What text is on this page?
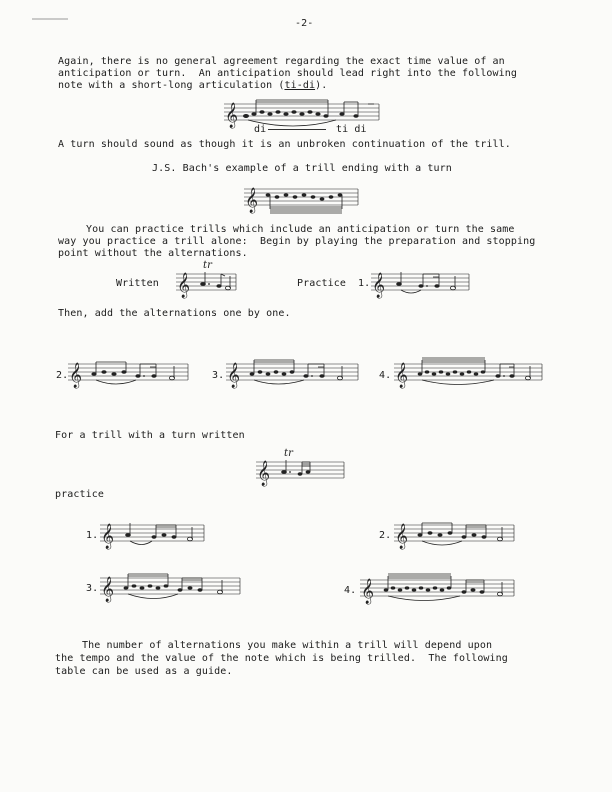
-2-
Again, there is no general agreement regarding the exact time value of an
anticipation or turn.  An anticipation should lead right into the following
note with a short-long articulation (ti-di).
𝄞
di	ti di
A turn should sound as though it is an unbroken continuation of the trill.
J.S. Bach's example of a trill ending with a turn
𝄞
You can practice trills which include an anticipation or turn the same
way you practice a trill alone:  Begin by playing the preparation and stopping
point without the alternations.
Written
tr
𝄞	Practice 1. 𝄞
Then, add the alternations one by one.
2. 𝄞	3. 𝄞	4. 𝄞
For a trill with a turn written
tr
𝄞
practice
1. 𝄞	2. 𝄞
3. 𝄞	4. 𝄞
The number of alternations you make within a trill will depend upon
the tempo and the value of the note which is being trilled.  The following
table can be used as a guide.
